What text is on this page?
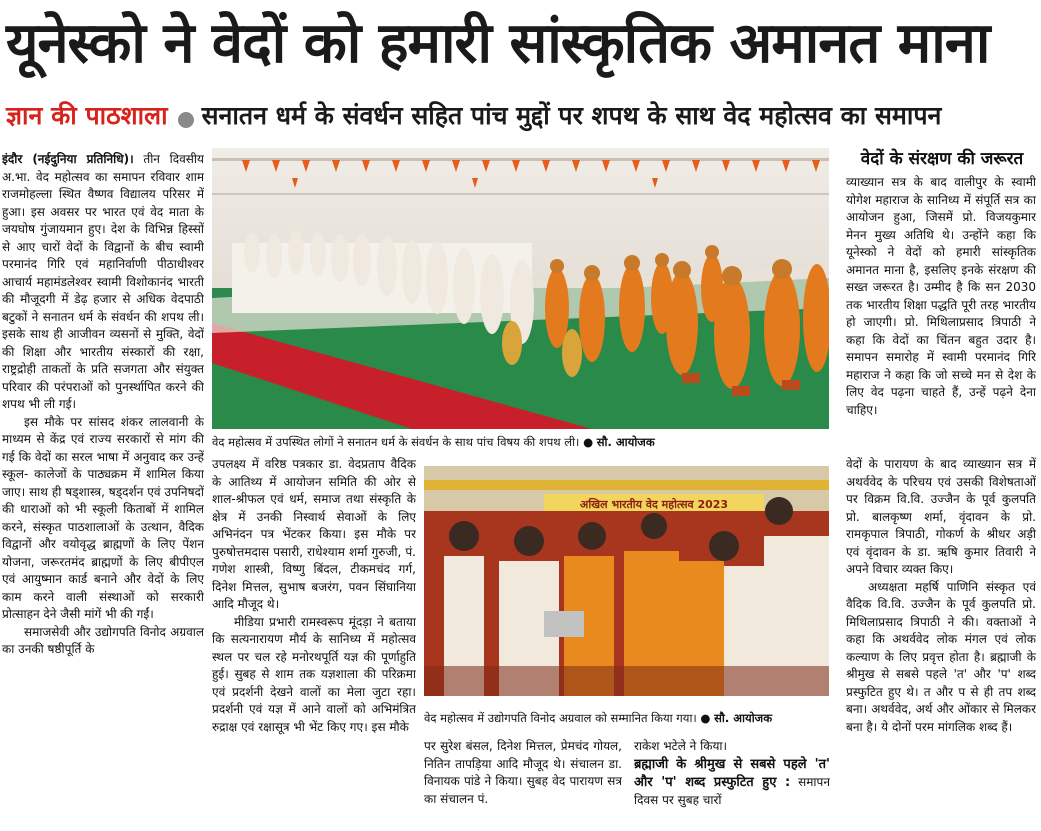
यूनेस्को ने वेदों को हमारी सांस्कृतिक अमानत माना
ज्ञान की पाठशाला सनातन धर्म के संवर्धन सहित पांच मुद्दों पर शपथ के साथ वेद महोत्सव का समापन

इंदौर (नईदुनिया प्रतिनिधि)। तीन दिवसीय अ.भा. वेद महोत्सव का समापन रविवार शाम राजमोहल्ला स्थित वैष्णव विद्यालय परिसर में हुआ। इस अवसर पर भारत एवं वेद माता के जयघोष गुंजायमान हुए। देश के विभिन्न हिस्सों से आए चारों वेदों के विद्वानों के बीच स्वामी परमानंद गिरि एवं महानिर्वाणी पीठाधीश्वर आचार्य महामंडलेश्वर स्वामी विशोकानंद भारती की मौजूदगी में डेढ़ हजार से अधिक वेदपाठी बटुकों ने सनातन धर्म के संवर्धन की शपथ ली। इसके साथ ही आजीवन व्यसनों से मुक्ति, वेदों की शिक्षा और भारतीय संस्कारों की रक्षा, राष्ट्रद्रोही ताकतों के प्रति सजगता और संयुक्त परिवार की परंपराओं को पुनर्स्थापित करने की शपथ भी ली गई।

इस मौके पर सांसद शंकर लालवानी के माध्यम से केंद्र एवं राज्य सरकारों से मांग की गई कि वेदों का सरल भाषा में अनुवाद कर उन्हें स्कूल- कालेजों के पाठ्यक्रम में शामिल किया जाए। साथ ही षड्शास्त्र, षड्दर्शन एवं उपनिषदों की धाराओं को भी स्कूली किताबों में शामिल करने, संस्कृत पाठशालाओं के उत्थान, वैदिक विद्वानों और वयोवृद्ध ब्राह्मणों के लिए पेंशन योजना, जरूरतमंद ब्राह्मणों के लिए बीपीएल एवं आयुष्मान कार्ड बनाने और वेदों के लिए काम करने वाली संस्थाओं को सरकारी प्रोत्साहन देने जैसी मांगें भी की गईं।

समाजसेवी और उद्योगपति विनोद अग्रवाल का उनकी षष्ठीपूर्ति के

वेद महोत्सव में उपस्थित लोगों ने सनातन धर्म के संवर्धन के साथ पांच विषय की शपथ ली। ● सौ. आयोजक

उपलक्ष्य में वरिष्ठ पत्रकार डा. वेदप्रताप वैदिक के आतिथ्य में आयोजन समिति की ओर से शाल-श्रीफल एवं धर्म, समाज तथा संस्कृति के क्षेत्र में उनकी निस्वार्थ सेवाओं के लिए अभिनंदन पत्र भेंटकर किया। इस मौके पर पुरुषोत्तमदास पसारी, राधेश्याम शर्मा गुरुजी, पं. गणेश शास्त्री, विष्णु बिंदल, टीकमचंद गर्ग, दिनेश मित्तल, सुभाष बजरंग, पवन सिंघानिया आदि मौजूद थे।

मीडिया प्रभारी रामस्वरूप मूंदड़ा ने बताया कि सत्यनारायण मौर्य के सानिध्य में महोत्सव स्थल पर चल रहे मनोरथपूर्ति यज्ञ की पूर्णाहुति हुई। सुबह से शाम तक यज्ञशाला की परिक्रमा एवं प्रदर्शनी देखने वालों का मेला जुटा रहा। प्रदर्शनी एवं यज्ञ में आने वालों को अभिमंत्रित रुद्राक्ष एवं रक्षासूत्र भी भेंट किए गए। इस मौके

अखिल भारतीय वेद महोत्सव 2023
वेद महोत्सव में उद्योगपति विनोद अग्रवाल को सम्मानित किया गया। ● सौ. आयोजक

पर सुरेश बंसल, दिनेश मित्तल, प्रेमचंद गोयल, नितिन तापड़िया आदि मौजूद थे। संचालन डा. विनायक पांडे ने किया। सुबह वेद पारायण सत्र का संचालन पं.

राकेश भटेले ने किया।

ब्रह्माजी के श्रीमुख से सबसे पहले 'त' और 'प' शब्द प्रस्फुटित हुए : समापन दिवस पर सुबह चारों

वेदों के संरक्षण की जरूरत

व्याख्यान सत्र के बाद वालीपुर के स्वामी योगेश महाराज के सानिध्य में संपूर्ति सत्र का आयोजन हुआ, जिसमें प्रो. विजयकुमार मेनन मुख्य अतिथि थे। उन्होंने कहा कि यूनेस्को ने वेदों को हमारी सांस्कृतिक अमानत माना है, इसलिए इनके संरक्षण की सख्त जरूरत है। उम्मीद है कि सन 2030 तक भारतीय शिक्षा पद्धति पूरी तरह भारतीय हो जाएगी। प्रो. मिथिलाप्रसाद त्रिपाठी ने कहा कि वेदों का चिंतन बहुत उदार है। समापन समारोह में स्वामी परमानंद गिरि महाराज ने कहा कि जो सच्चे मन से देश के लिए वेद पढ़ना चाहते हैं, उन्हें पढ़ने देना चाहिए।

वेदों के पारायण के बाद व्याख्यान सत्र में अथर्ववेद के परिचय एवं उसकी विशेषताओं पर विक्रम वि.वि. उज्जैन के पूर्व कुलपति प्रो. बालकृष्ण शर्मा, वृंदावन के प्रो. रामकृपाल त्रिपाठी, गोकर्ण के श्रीधर अड़ी एवं वृंदावन के डा. ऋषि कुमार तिवारी ने अपने विचार व्यक्त किए।

अध्यक्षता महर्षि पाणिनि संस्कृत एवं वैदिक वि.वि. उज्जैन के पूर्व कुलपति प्रो. मिथिलाप्रसाद त्रिपाठी ने की। वक्ताओं ने कहा कि अथर्ववेद लोक मंगल एवं लोक कल्याण के लिए प्रवृत्त होता है। ब्रह्माजी के श्रीमुख से सबसे पहले 'त' और 'प' शब्द प्रस्फुटित हुए थे। त और प से ही तप शब्द बना। अथर्ववेद, अर्थ और ओंकार से मिलकर बना है। ये दोनों परम मांगलिक शब्द हैं।
